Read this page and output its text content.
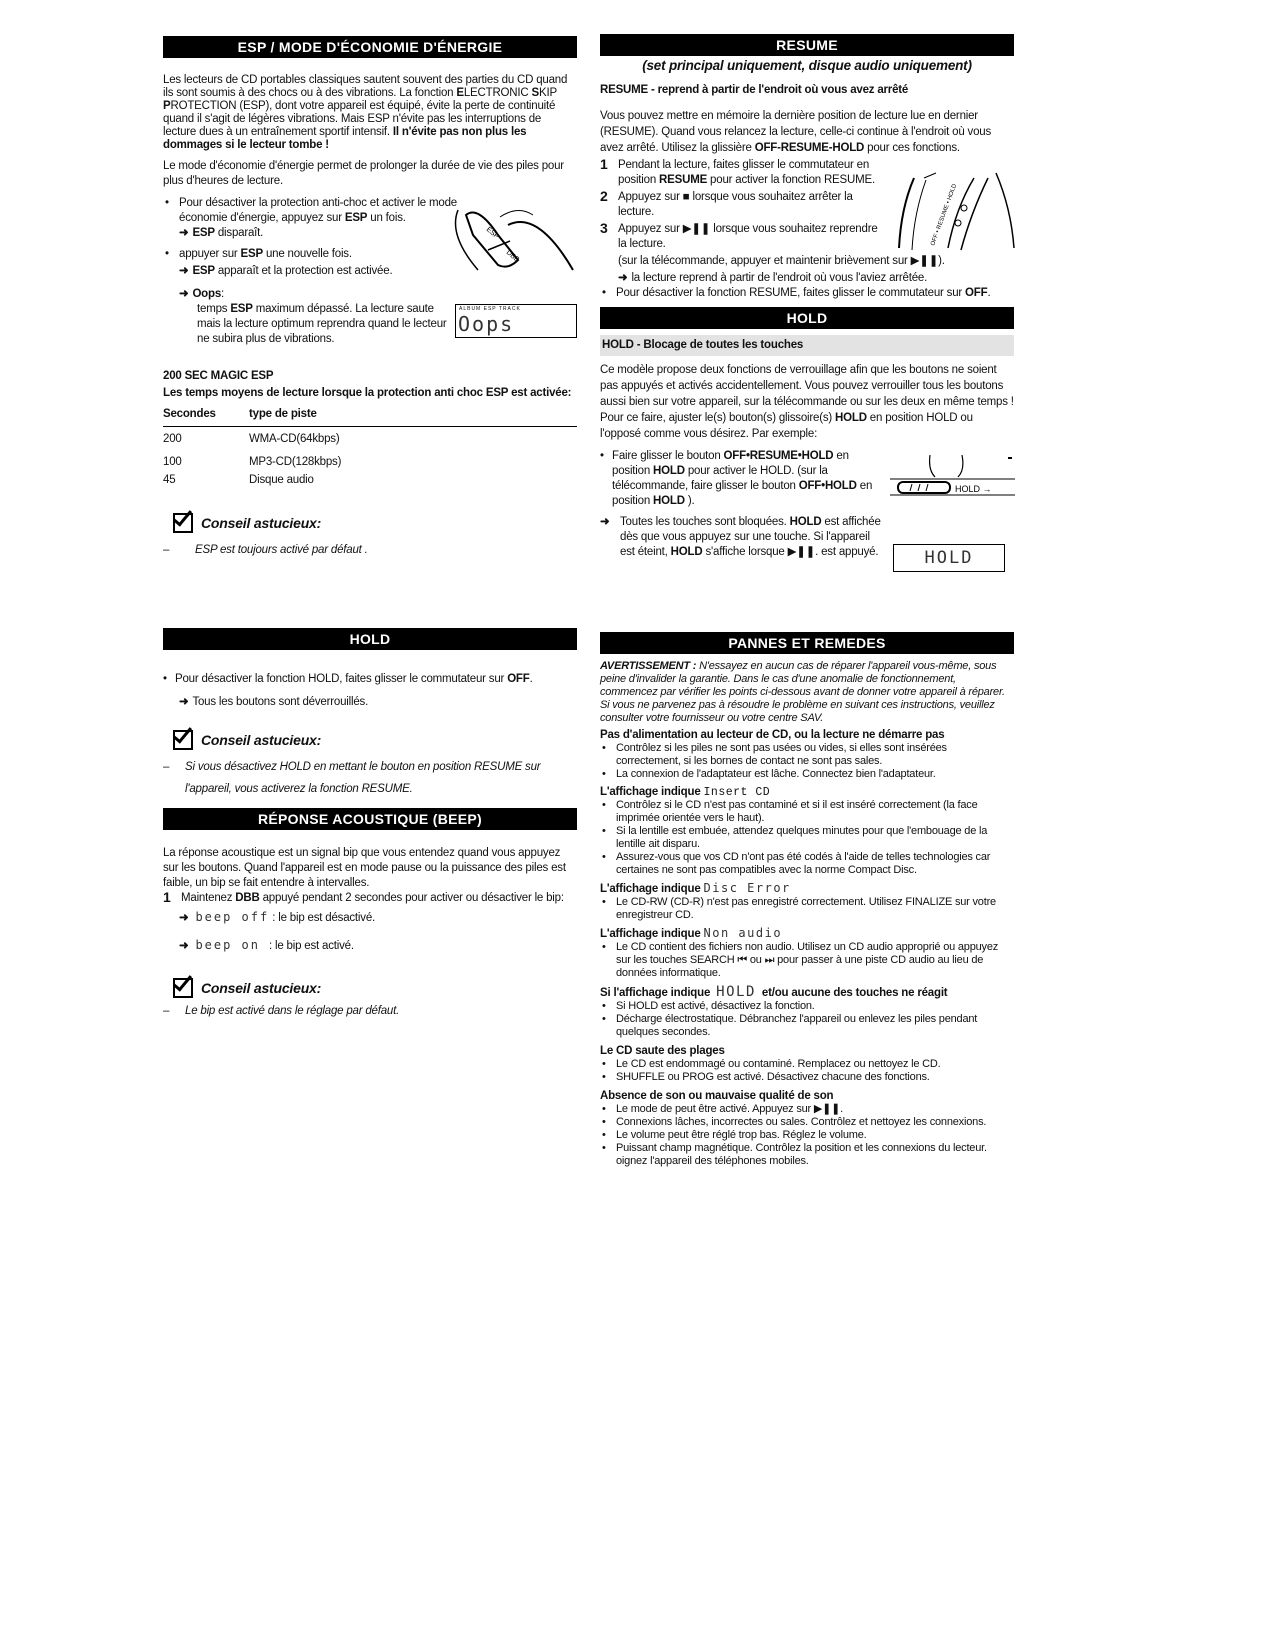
ESP / MODE D'ÉCONOMIE D'ÉNERGIE

Les lecteurs de CD portables classiques sautent souvent des parties du CD quand ils sont soumis à des chocs ou à des vibrations. La fonction ELECTRONIC SKIP PROTECTION (ESP), dont votre appareil est équipé, évite la perte de continuité quand il s'agit de légères vibrations. Mais ESP n'évite pas les interruptions de lecture dues à un entraînement sportif intensif. Il n'évite pas non plus les dommages si le lecteur tombe !

Le mode d'économie d'énergie permet de prolonger la durée de vie des piles pour plus d'heures de lecture.

• Pour désactiver la protection anti-choc et activer le mode économie d'énergie, appuyez sur ESP un fois.
➜ ESP disparaît.
• appuyer sur ESP une nouvelle fois.
➜ ESP apparaît et la protection est activée.
➜ Oops:
temps ESP maximum dépassé. La lecture saute mais la lecture optimum reprendra quand le lecteur ne subira plus de vibrations.
200 SEC MAGIC ESP
Les temps moyens de lecture lorsque la protection anti choc ESP est activée:
Secondes	type de piste
200	WMA-CD(64kbps)
100	MP3-CD(128kbps)
45	Disque audio
Conseil astucieux:
– ESP est toujours activé par défaut .
ESP
DBB
ALBUM ESP TRACK
Oops
RESUME
(set principal uniquement, disque audio uniquement)
RESUME - reprend à partir de l'endroit où vous avez arrêté

Vous pouvez mettre en mémoire la dernière position de lecture lue en dernier (RESUME). Quand vous relancez la lecture, celle-ci continue à l'endroit où vous avez arrêté. Utilisez la glissière OFF-RESUME-HOLD pour ces fonctions.

1 Pendant la lecture, faites glisser le commutateur en position RESUME pour activer la fonction RESUME.
2 Appuyez sur ■ lorsque vous souhaitez arrêter la lecture.
3 Appuyez sur ▶❚❚ lorsque vous souhaitez reprendre la lecture.
(sur la télécommande, appuyer et maintenir brièvement sur ▶❚❚).
➜ la lecture reprend à partir de l'endroit où vous l'aviez arrêtée.
• Pour désactiver la fonction RESUME, faites glisser le commutateur sur OFF.
HOLD
HOLD - Blocage de toutes les touches

Ce modèle propose deux fonctions de verrouillage afin que les boutons ne soient pas appuyés et activés accidentellement. Vous pouvez verrouiller tous les boutons aussi bien sur votre appareil, sur la télécommande ou sur les deux en même temps ! Pour ce faire, ajuster le(s) bouton(s) glissoire(s) HOLD en position HOLD ou l'opposé comme vous désirez. Par exemple:

• Faire glisser le bouton OFF•RESUME•HOLD en position HOLD pour activer le HOLD. (sur la télécommande, faire glisser le bouton OFF•HOLD en position HOLD ).
➜ Toutes les touches sont bloquées. HOLD est affichée dès que vous appuyez sur une touche. Si l'appareil est éteint, HOLD s'affiche lorsque ▶❚❚. est appuyé.
OFF • RESUME • HOLD
HOLD →
HOLD
HOLD
• Pour désactiver la fonction HOLD, faites glisser le commutateur sur OFF.
➜ Tous les boutons sont déverrouillés.
Conseil astucieux:
– Si vous désactivez HOLD en mettant le bouton en position RESUME sur l'appareil, vous activerez la fonction RESUME.
RÉPONSE ACOUSTIQUE (BEEP)

La réponse acoustique est un signal bip que vous entendez quand vous appuyez sur les boutons. Quand l'appareil est en mode pause ou la puissance des piles est faible, un bip se fait entendre à intervalles.

1 Maintenez DBB appuyé pendant 2 secondes pour activer ou désactiver le bip:
➜ beep off : le bip est désactivé.
➜ beep on : le bip est activé.
Conseil astucieux:
– Le bip est activé dans le réglage par défaut.
PANNES ET REMEDES

AVERTISSEMENT : N'essayez en aucun cas de réparer l'appareil vous-même, sous peine d'invalider la garantie. Dans le cas d'une anomalie de fonctionnement, commencez par vérifier les points ci-dessous avant de donner votre appareil à réparer. Si vous ne parvenez pas à résoudre le problème en suivant ces instructions, veuillez consulter votre fournisseur ou votre centre SAV.

Pas d'alimentation au lecteur de CD, ou la lecture ne démarre pas
• Contrôlez si les piles ne sont pas usées ou vides, si elles sont insérées correctement, si les bornes de contact ne sont pas sales.
• La connexion de l'adaptateur est lâche. Connectez bien l'adaptateur.
L'affichage indique Insert CD
• Contrôlez si le CD n'est pas contaminé et si il est inséré correctement (la face imprimée orientée vers le haut).
• Si la lentille est embuée, attendez quelques minutes pour que l'embouage de la lentille ait disparu.
• Assurez-vous que vos CD n'ont pas été codés à l'aide de telles technologies car certaines ne sont pas compatibles avec la norme Compact Disc.
L'affichage indique Disc Error
• Le CD-RW (CD-R) n'est pas enregistré correctement. Utilisez FINALIZE sur votre enregistreur CD.
L'affichage indique Non audio
• Le CD contient des fichiers non audio. Utilisez un CD audio approprié ou appuyez sur les touches SEARCH ⏮ ou ⏭ pour passer à une piste CD audio au lieu de données informatique.
Si l'affichage indique HOLD et/ou aucune des touches ne réagit
• Si HOLD est activé, désactivez la fonction.
• Décharge électrostatique. Débranchez l'appareil ou enlevez les piles pendant quelques secondes.
Le CD saute des plages
• Le CD est endommagé ou contaminé. Remplacez ou nettoyez le CD.
• SHUFFLE ou PROG est activé. Désactivez chacune des fonctions.
Absence de son ou mauvaise qualité de son
• Le mode de peut être activé. Appuyez sur ▶❚❚.
• Connexions lâches, incorrectes ou sales. Contrôlez et nettoyez les connexions.
• Le volume peut être réglé trop bas. Réglez le volume.
• Puissant champ magnétique. Contrôlez la position et les connexions du lecteur. oignez l'appareil des téléphones mobiles.
